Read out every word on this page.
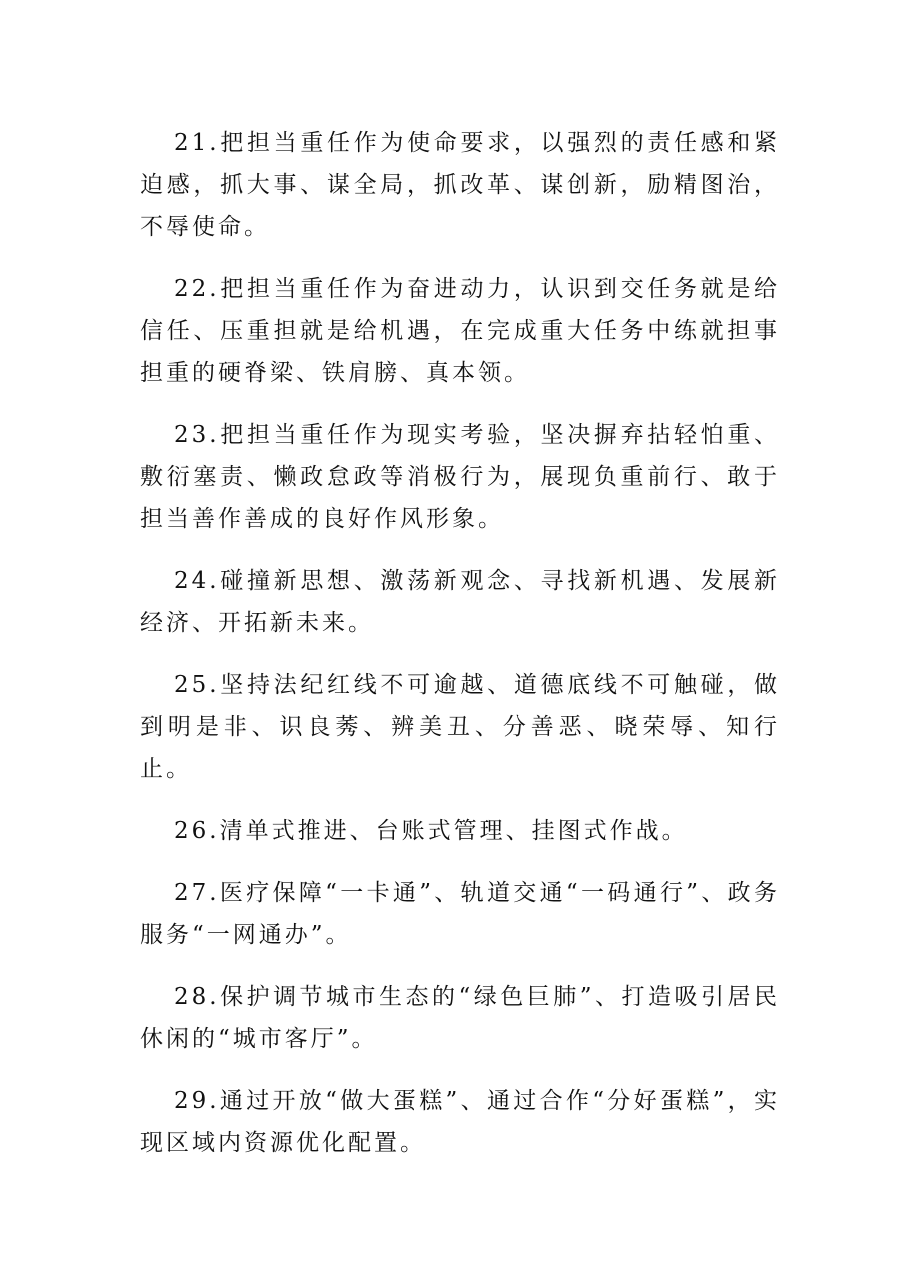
21.把担当重任作为使命要求，以强烈的责任感和紧迫感，抓大事、谋全局，抓改革、谋创新，励精图治，不辱使命。

22.把担当重任作为奋进动力，认识到交任务就是给信任、压重担就是给机遇，在完成重大任务中练就担事担重的硬脊梁、铁肩膀、真本领。

23.把担当重任作为现实考验，坚决摒弃拈轻怕重、敷衍塞责、懒政怠政等消极行为，展现负重前行、敢于担当善作善成的良好作风形象。

24.碰撞新思想、激荡新观念、寻找新机遇、发展新经济、开拓新未来。

25.坚持法纪红线不可逾越、道德底线不可触碰，做到明是非、识良莠、辨美丑、分善恶、晓荣辱、知行止。

26.清单式推进、台账式管理、挂图式作战。

27.医疗保障“一卡通”、轨道交通“一码通行”、政务服务“一网通办”。

28.保护调节城市生态的“绿色巨肺”、打造吸引居民休闲的“城市客厅”。

29.通过开放“做大蛋糕”、通过合作“分好蛋糕”，实现区域内资源优化配置。
